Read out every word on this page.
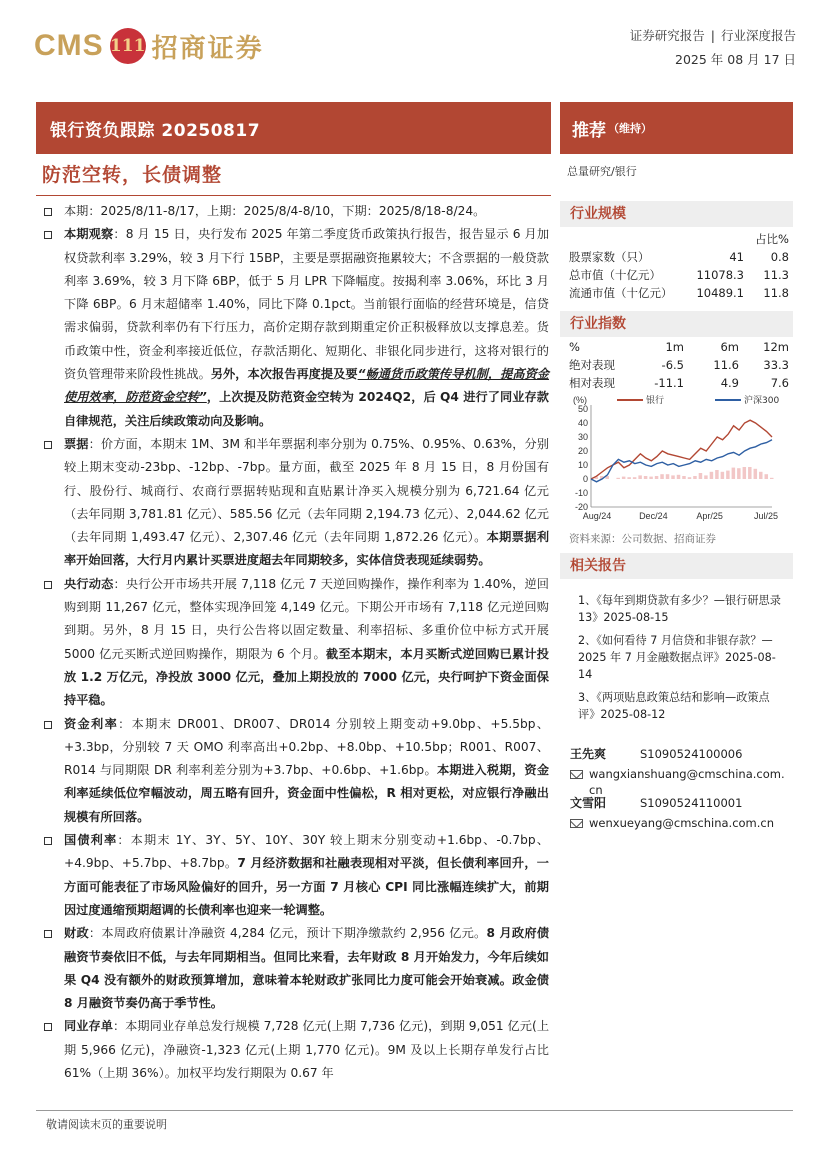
CMS 111 招商证券	证券研究报告 | 行业深度报告
2025 年 08 月 17 日
银行资负跟踪 20250817	推荐 （维持）
防范空转，长债调整
本期：2025/8/11-8/17，上期：2025/8/4-8/10，下期：2025/8/18-8/24。
本期观察：8 月 15 日，央行发布 2025 年第二季度货币政策执行报告，报告显示 6 月加权贷款利率 3.29%，较 3 月下行 15BP，主要是票据融资拖累较大；不含票据的一般贷款利率 3.69%，较 3 月下降 6BP，低于 5 月 LPR 下降幅度。按揭利率 3.06%，环比 3 月下降 6BP。6 月末超储率 1.40%，同比下降 0.1pct。当前银行面临的经营环境是，信贷需求偏弱，贷款利率仍有下行压力，高价定期存款到期重定价正积极释放以支撑息差。货币政策中性，资金利率接近低位，存款活期化、短期化、非银化同步进行，这将对银行的资负管理带来阶段性挑战。另外，本次报告再度提及要“畅通货币政策传导机制，提高资金使用效率，防范资金空转”，上次提及防范资金空转为 2024Q2，后 Q4 进行了同业存款自律规范，关注后续政策动向及影响。
票据：价方面，本期末 1M、3M 和半年票据利率分别为 0.75%、0.95%、0.63%，分别较上期末变动-23bp、-12bp、-7bp。量方面，截至 2025 年 8 月 15 日，8 月份国有行、股份行、城商行、农商行票据转贴现和直贴累计净买入规模分别为 6,721.64 亿元（去年同期 3,781.81 亿元）、585.56 亿元（去年同期 2,194.73 亿元）、2,044.62 亿元（去年同期 1,493.47 亿元）、2,307.46 亿元（去年同期 1,872.26 亿元）。本期票据利率开始回落，大行月内累计买票进度超去年同期较多，实体信贷表现延续弱势。
央行动态：央行公开市场共开展 7,118 亿元 7 天逆回购操作，操作利率为 1.40%，逆回购到期 11,267 亿元，整体实现净回笼 4,149 亿元。下期公开市场有 7,118 亿元逆回购到期。另外，8 月 15 日，央行公告将以固定数量、利率招标、多重价位中标方式开展 5000 亿元买断式逆回购操作，期限为 6 个月。截至本期末，本月买断式逆回购已累计投放 1.2 万亿元，净投放 3000 亿元，叠加上期投放的 7000 亿元，央行呵护下资金面保持平稳。
资金利率：本期末 DR001、DR007、DR014 分别较上期变动+9.0bp、+5.5bp、+3.3bp，分别较 7 天 OMO 利率高出+0.2bp、+8.0bp、+10.5bp；R001、R007、R014 与同期限 DR 利率利差分别为+3.7bp、+0.6bp、+1.6bp。本期进入税期，资金利率延续低位窄幅波动，周五略有回升，资金面中性偏松，R 相对更松，对应银行净融出规模有所回落。
国债利率：本期末 1Y、3Y、5Y、10Y、30Y 较上期末分别变动+1.6bp、-0.7bp、+4.9bp、+5.7bp、+8.7bp。7 月经济数据和社融表现相对平淡，但长债利率回升，一方面可能表征了市场风险偏好的回升，另一方面 7 月核心 CPI 同比涨幅连续扩大，前期因过度通缩预期超调的长债利率也迎来一轮调整。
财政：本周政府债累计净融资 4,284 亿元，预计下期净缴款约 2,956 亿元。8 月政府债融资节奏依旧不低，与去年同期相当。但同比来看，去年财政 8 月开始发力，今年后续如果 Q4 没有额外的财政预算增加，意味着本轮财政扩张同比力度可能会开始衰减。政金债 8 月融资节奏仍高于季节性。
同业存单：本期同业存单总发行规模 7,728 亿元(上期 7,736 亿元)，到期 9,051 亿元(上期 5,966 亿元)，净融资-1,323 亿元(上期 1,770 亿元)。9M 及以上长期存单发行占比 61%（上期 36%）。加权平均发行期限为 0.67 年
总量研究/银行
行业规模
占比%
股票家数（只）	41	0.8
总市值（十亿元）	11078.3	11.3
流通市值（十亿元）	10489.1	11.8
行业指数
%	1m	6m	12m
绝对表现	-6.5	11.6	33.3
相对表现	-11.1	4.9	7.6
(%)
-20
-10
0
10
20
30
40
50
Aug/24	Dec/24	Apr/25	Jul/25
银行	沪深300
资料来源：公司数据、招商证券
相关报告
1、《每年到期贷款有多少？—银行研思录 13》2025-08-15
2、《如何看待 7 月信贷和非银存款？—2025 年 7 月金融数据点评》2025-08-14
3、《两项贴息政策总结和影响—政策点评》2025-08-12
王先爽	S1090524100006
wangxianshuang@cmschina.com.cn
文雪阳	S1090524110001
wenxueyang@cmschina.com.cn
敬请阅读末页的重要说明
